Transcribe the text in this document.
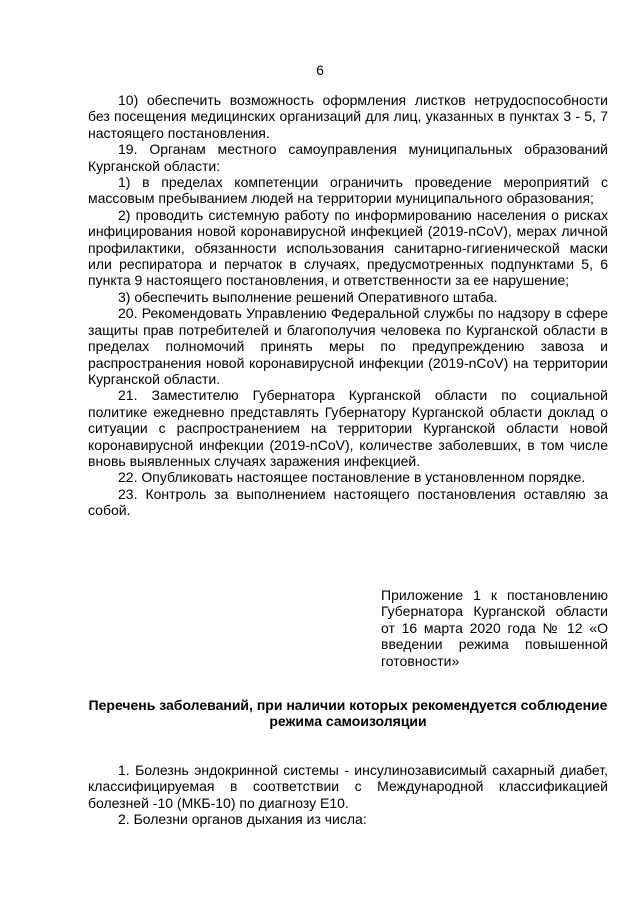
6

10) обеспечить возможность оформления листков нетрудоспособности без посещения медицинских организаций для лиц, указанных в пунктах 3 - 5, 7 настоящего постановления.

19. Органам местного самоуправления муниципальных образований Курганской области:

1) в пределах компетенции ограничить проведение мероприятий с массовым пребыванием людей на территории муниципального образования;

2) проводить системную работу по информированию населения о рисках инфицирования новой коронавирусной инфекцией (2019-nCoV), мерах личной профилактики, обязанности использования санитарно-гигиенической маски или респиратора и перчаток в случаях, предусмотренных подпунктами 5, 6 пункта 9 настоящего постановления, и ответственности за ее нарушение;

3) обеспечить выполнение решений Оперативного штаба.

20. Рекомендовать Управлению Федеральной службы по надзору в сфере защиты прав потребителей и благополучия человека по Курганской области в пределах полномочий принять меры по предупреждению завоза и распространения новой коронавирусной инфекции (2019-nCoV) на территории Курганской области.

21. Заместителю Губернатора Курганской области по социальной политике ежедневно представлять Губернатору Курганской области доклад о ситуации с распространением на территории Курганской области новой коронавирусной инфекции (2019-nCoV), количестве заболевших, в том числе вновь выявленных случаях заражения инфекцией.

22. Опубликовать настоящее постановление в установленном порядке.

23. Контроль за выполнением настоящего постановления оставляю за собой.

Приложение 1 к постановлению Губернатора Курганской области от 16 марта 2020 года № 12 «О введении режима повышенной готовности»

Перечень заболеваний, при наличии которых рекомендуется соблюдение режима самоизоляции

1. Болезнь эндокринной системы - инсулинозависимый сахарный диабет, классифицируемая в соответствии с Международной классификацией болезней -10 (МКБ-10) по диагнозу Е10.

2. Болезни органов дыхания из числа:
